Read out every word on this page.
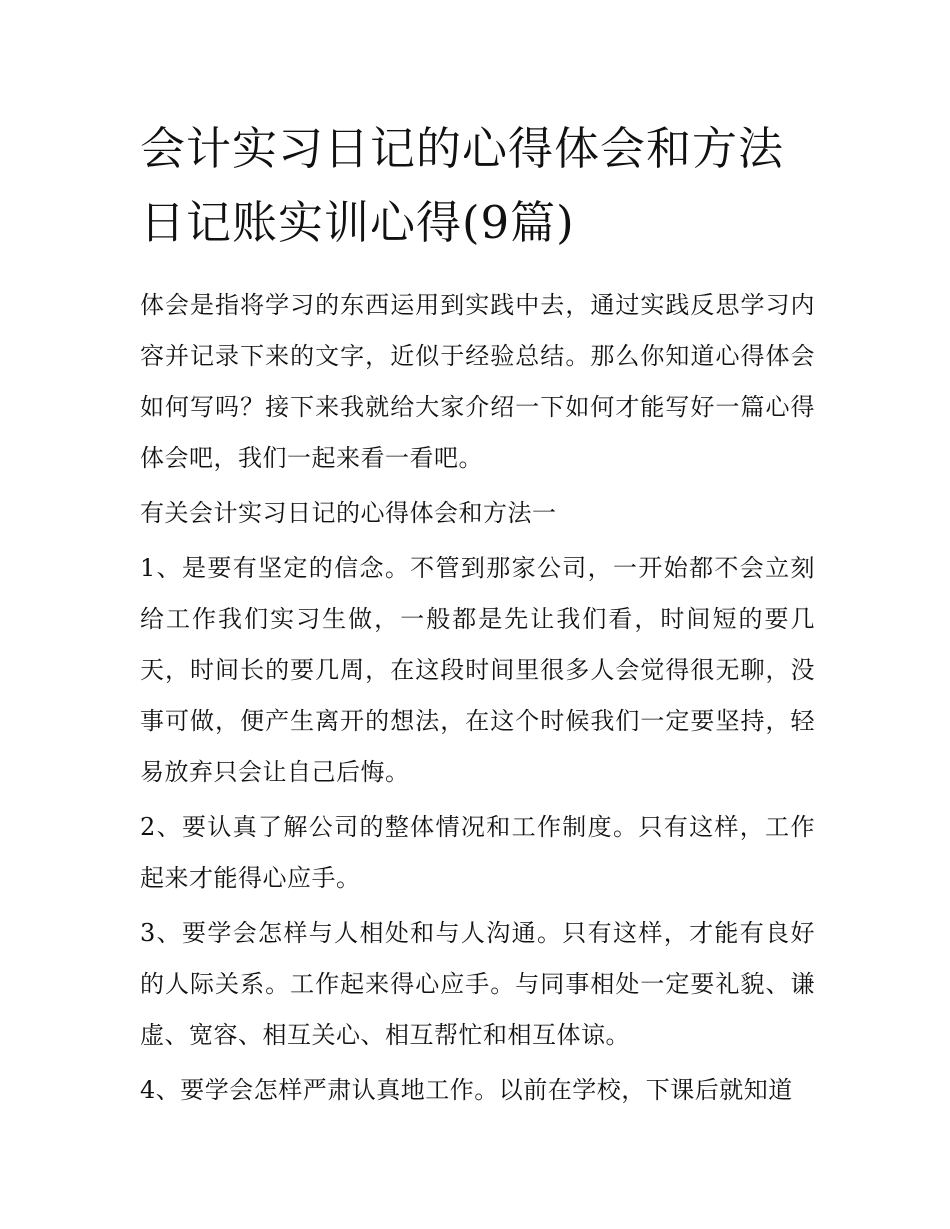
会计实习日记的心得体会和方法 日记账实训心得(9篇)

体会是指将学习的东西运用到实践中去，通过实践反思学习内容并记录下来的文字，近似于经验总结。那么你知道心得体会如何写吗？接下来我就给大家介绍一下如何才能写好一篇心得体会吧，我们一起来看一看吧。

有关会计实习日记的心得体会和方法一

1、是要有坚定的信念。不管到那家公司，一开始都不会立刻给工作我们实习生做，一般都是先让我们看，时间短的要几天，时间长的要几周，在这段时间里很多人会觉得很无聊，没事可做，便产生离开的想法，在这个时候我们一定要坚持，轻易放弃只会让自己后悔。

2、要认真了解公司的整体情况和工作制度。只有这样，工作起来才能得心应手。

3、要学会怎样与人相处和与人沟通。只有这样，才能有良好的人际关系。工作起来得心应手。与同事相处一定要礼貌、谦虚、宽容、相互关心、相互帮忙和相互体谅。

4、要学会怎样严肃认真地工作。以前在学校，下课后就知道
